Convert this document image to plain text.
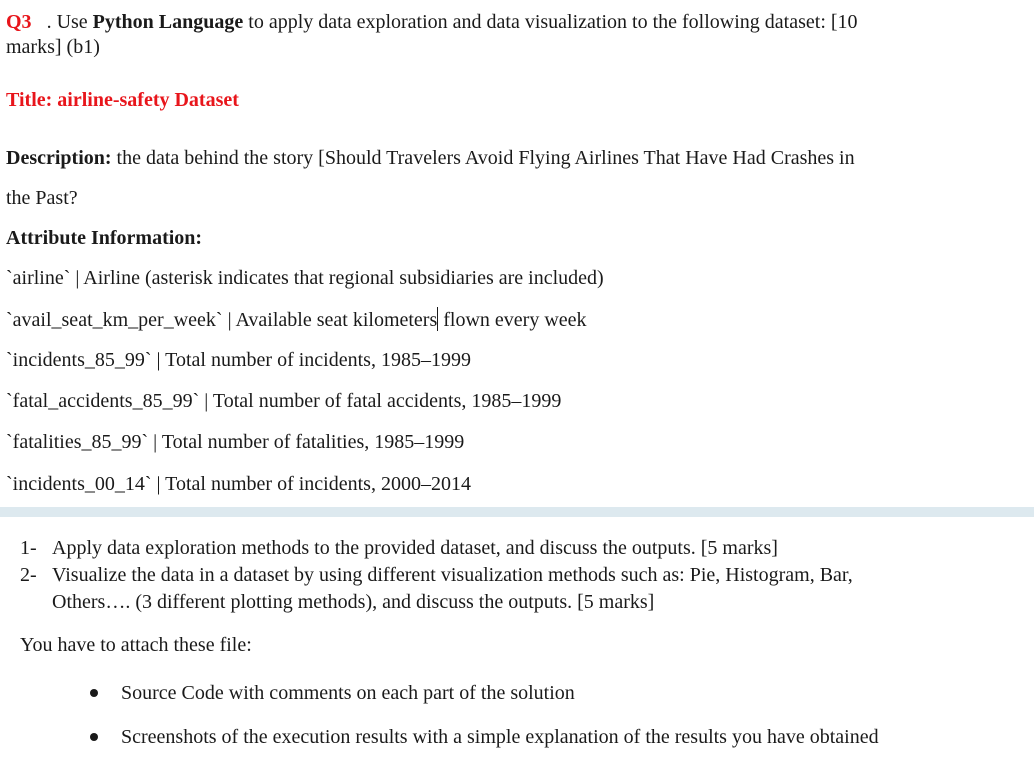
Q3 . Use Python Language to apply data exploration and data visualization to the following dataset: [10
marks] (b1)
Title: airline-safety Dataset
Description: the data behind the story [Should Travelers Avoid Flying Airlines That Have Had Crashes in
the Past?
Attribute Information:
`airline` | Airline (asterisk indicates that regional subsidiaries are included)
`avail_seat_km_per_week` | Available seat kilometers flown every week
`incidents_85_99` | Total number of incidents, 1985–1999
`fatal_accidents_85_99` | Total number of fatal accidents, 1985–1999
`fatalities_85_99` | Total number of fatalities, 1985–1999
`incidents_00_14` | Total number of incidents, 2000–2014
1- Apply data exploration methods to the provided dataset, and discuss the outputs. [5 marks]
2- Visualize the data in a dataset by using different visualization methods such as: Pie, Histogram, Bar,
Others…. (3 different plotting methods), and discuss the outputs. [5 marks]
You have to attach these file:
Source Code with comments on each part of the solution
Screenshots of the execution results with a simple explanation of the results you have obtained
